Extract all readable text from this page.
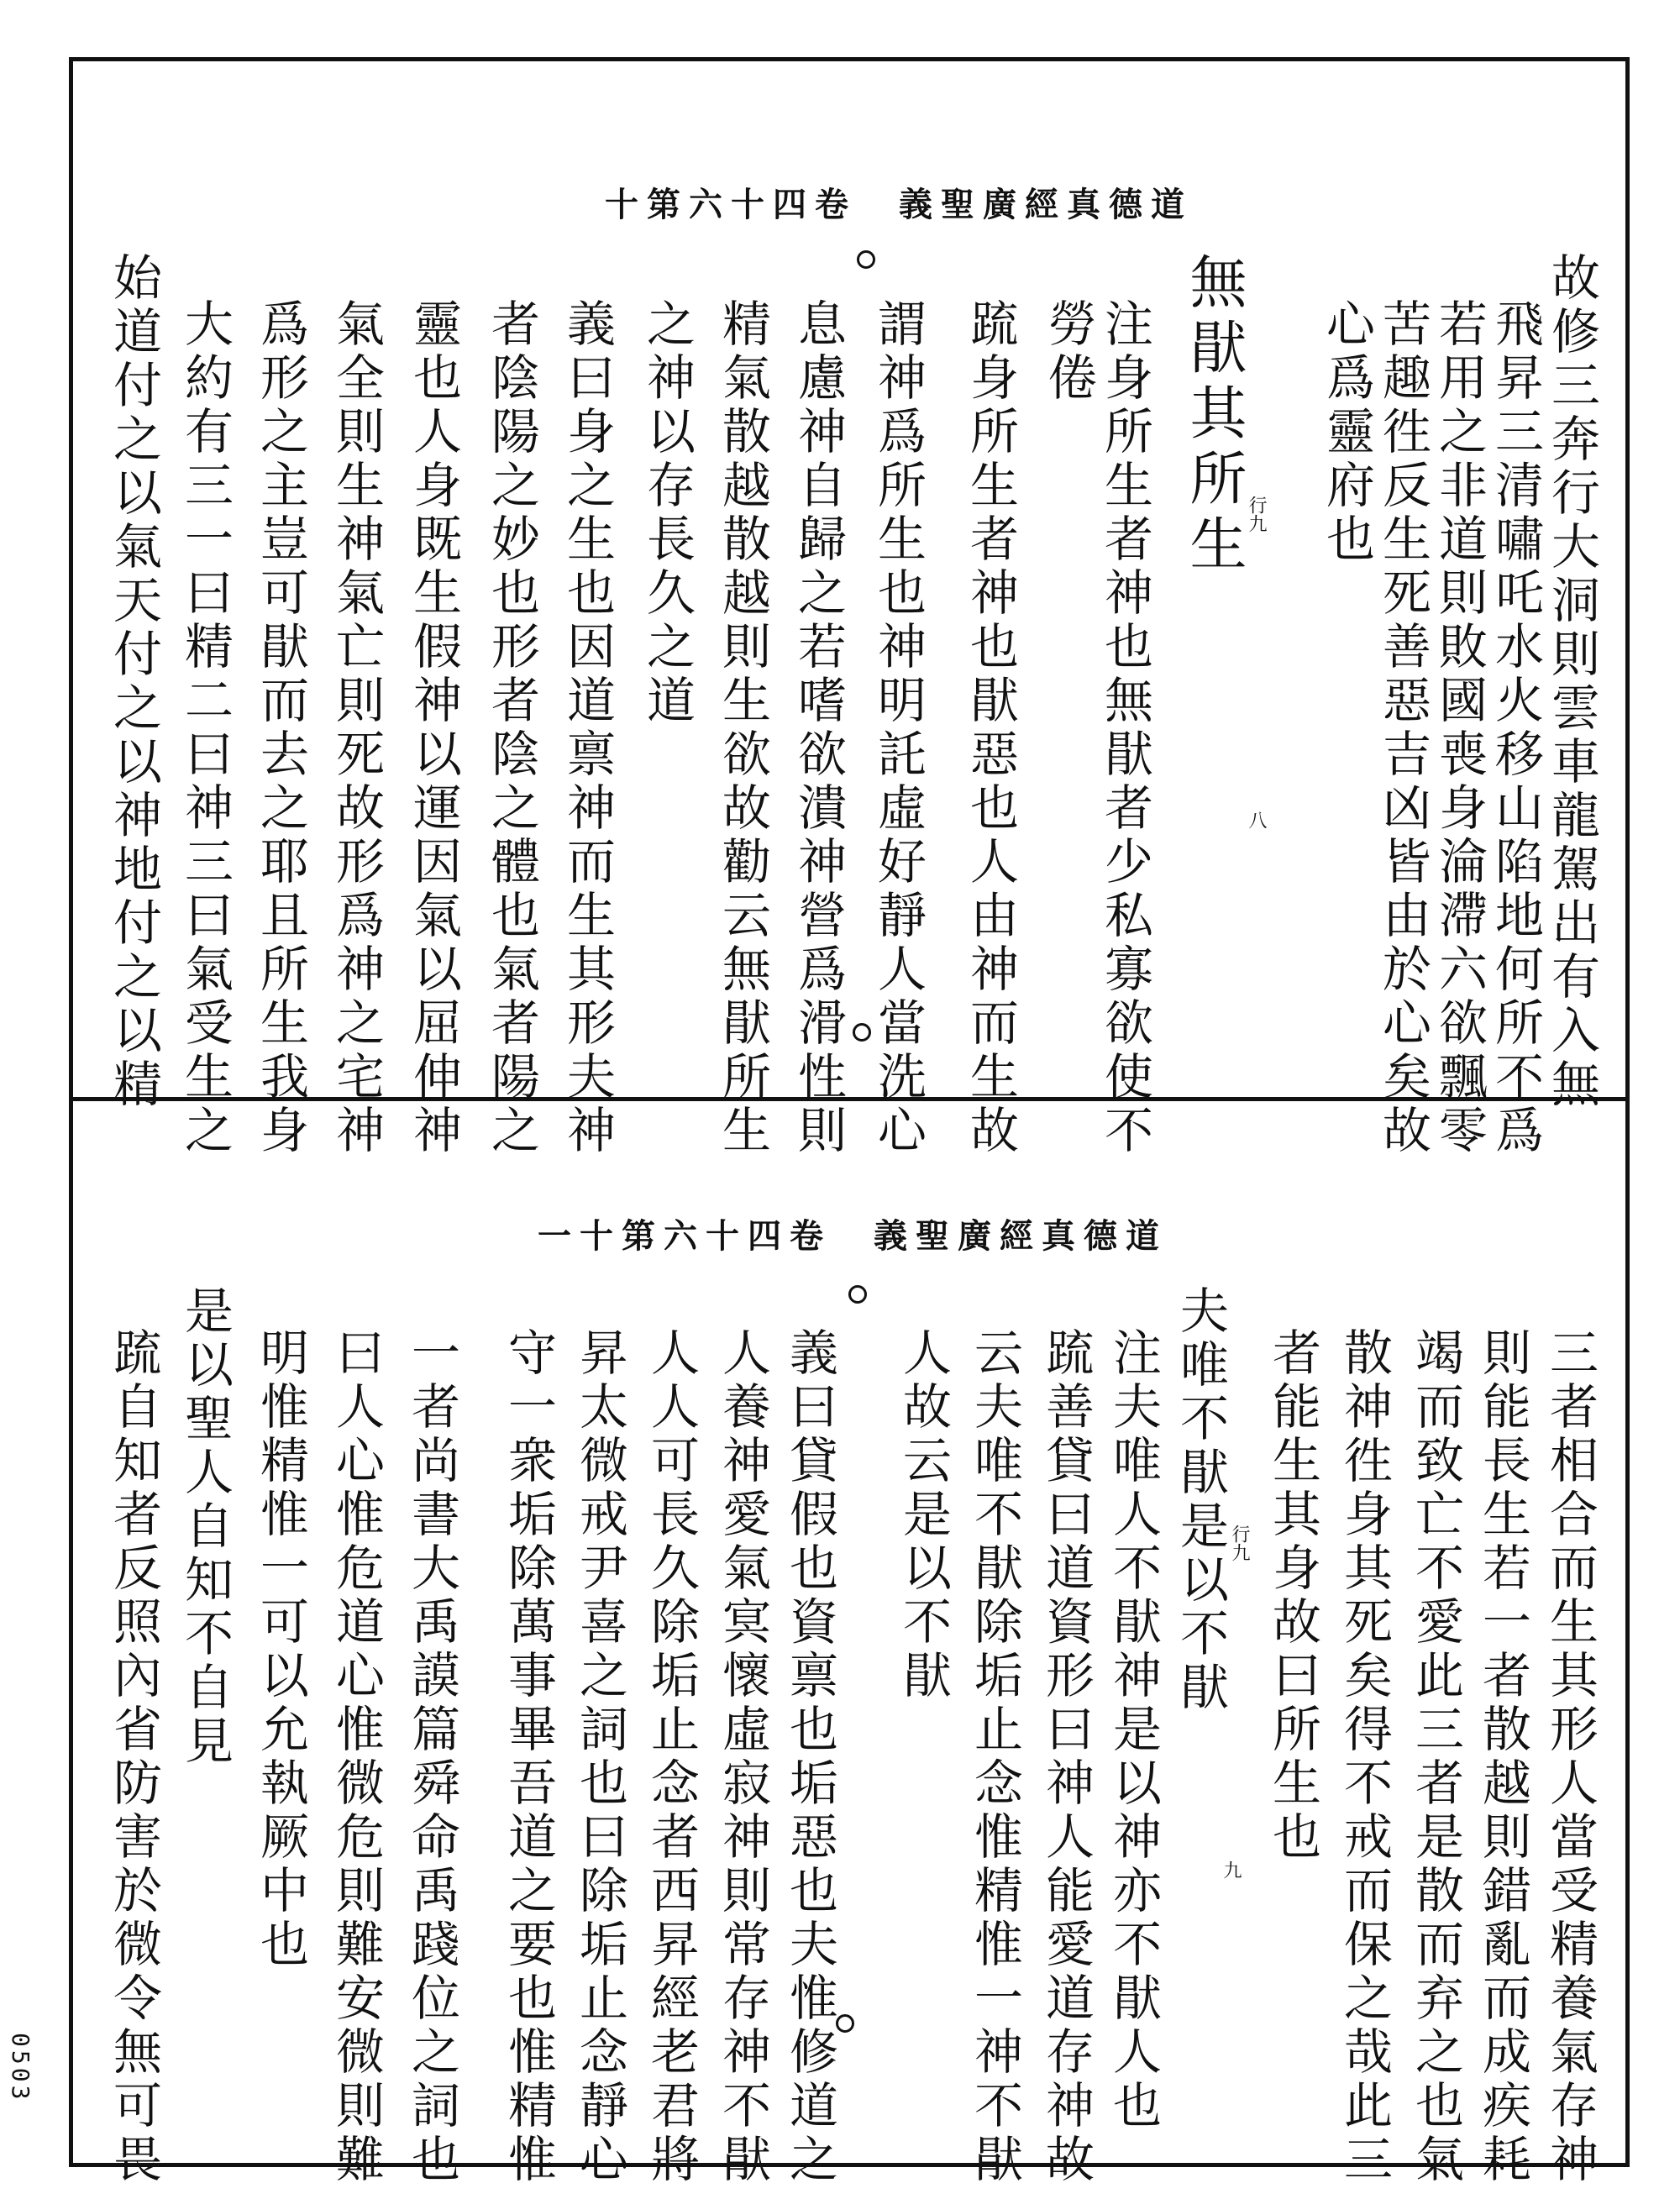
十第六十四卷　義聖廣經真德道
故修三奔行大洞則雲車龍駕出有入無
飛昇三清嘯吒水火移山陷地何所不爲
若用之非道則敗國喪身淪滯六欲飄零
苦趣徃反生死善惡吉凶皆由於心矣故
心爲靈府也
無猒其所生
注身所生者神也無猒者少私寡欲使不
勞倦
䟽身所生者神也猒惡也人由神而生故
謂神爲所生也神明託虛好靜人當洗心
息慮神自歸之若嗜欲潰神營爲滑性則
精氣散越散越則生欲故勸云無猒所生
之神以存長久之道
義曰身之生也因道禀神而生其形夫神
者陰陽之妙也形者陰之體也氣者陽之
靈也人身既生假神以運因氣以屈伸神
氣全則生神氣亡則死故形爲神之宅神
爲形之主豈可猒而去之耶且所生我身
大約有三一曰精二曰神三曰氣受生之
始道付之以氣天付之以神地付之以精	行九
八
一十第六十四卷　義聖廣經真德道
三者相合而生其形人當受精養氣存神
則能長生若一者散越則錯亂而成疾耗
竭而致亡不愛此三者是散而弃之也氣
散神徃身其死矣得不戒而保之哉此三
者能生其身故曰所生也
夫唯不猒是以不猒
注夫唯人不猒神是以神亦不猒人也
䟽善貸曰道資形曰神人能愛道存神故
云夫唯不猒除垢止念惟精惟一神不猒
人故云是以不猒
義曰貸假也資禀也垢惡也夫惟修道之
人養神愛氣㝠懷虛寂神則常存神不猒
人人可長久除垢止念者西昇經老君將
昇太微戒尹喜之詞也曰除垢止念靜心
守一衆垢除萬事畢吾道之要也惟精惟
一者尚書大禹謨篇舜命禹踐位之詞也
曰人心惟危道心惟微危則難安微則難
明惟精惟一可以允執厥中也
是以聖人自知不自見
䟽自知者反照內省防害於微令無可畏	行九
九
0503
